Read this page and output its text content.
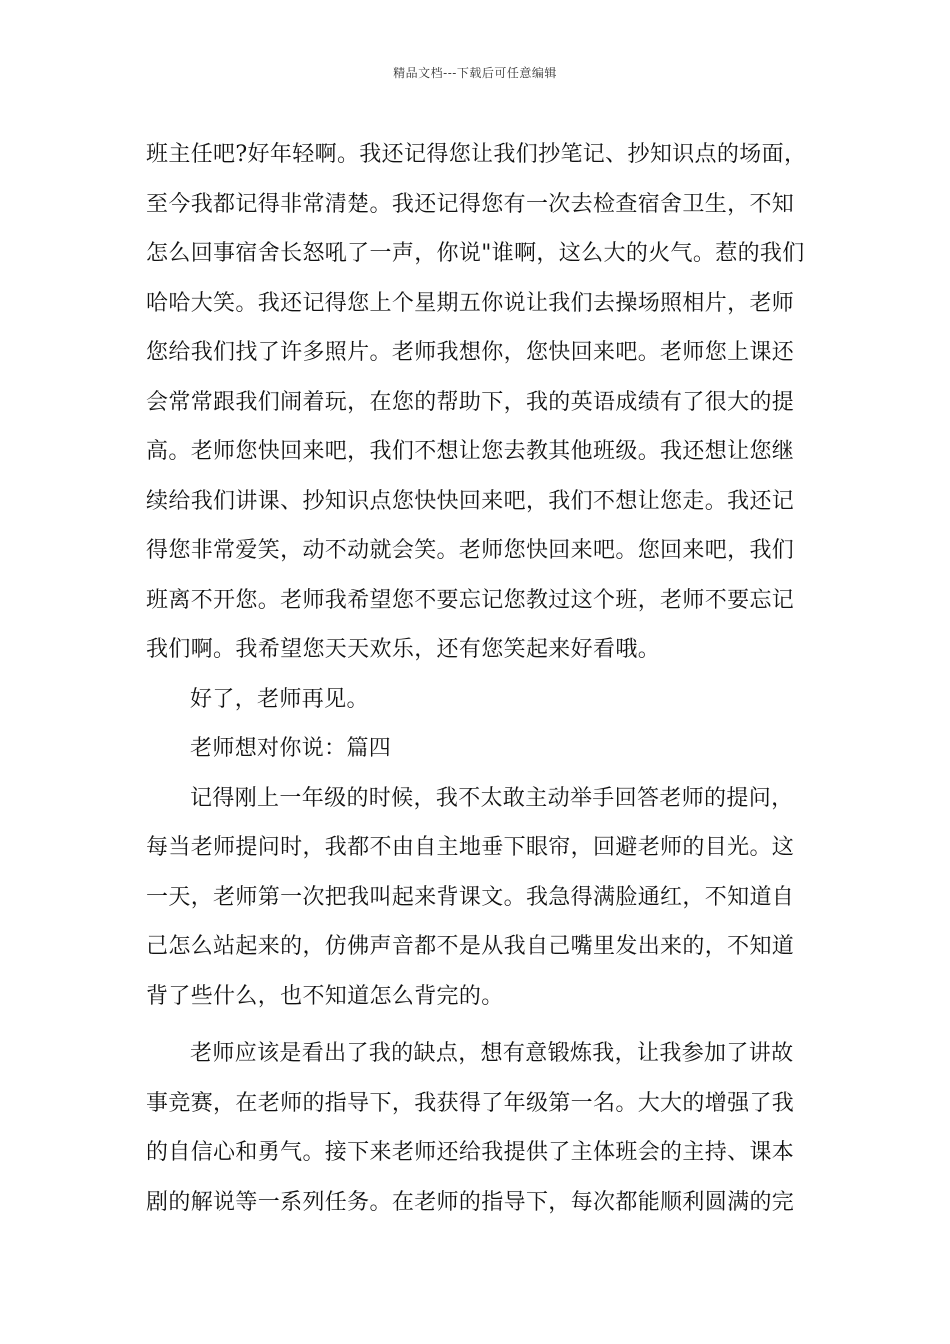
精品文档---下载后可任意编辑
班主任吧?好年轻啊。我还记得您让我们抄笔记、抄知识点的场面，
至今我都记得非常清楚。我还记得您有一次去检查宿舍卫生，不知
怎么回事宿舍长怒吼了一声，你说"谁啊，这么大的火气。惹的我们
哈哈大笑。我还记得您上个星期五你说让我们去操场照相片，老师
您给我们找了许多照片。老师我想你，您快回来吧。老师您上课还
会常常跟我们闹着玩，在您的帮助下，我的英语成绩有了很大的提
高。老师您快回来吧，我们不想让您去教其他班级。我还想让您继
续给我们讲课、抄知识点您快快回来吧，我们不想让您走。我还记
得您非常爱笑，动不动就会笑。老师您快回来吧。您回来吧，我们
班离不开您。老师我希望您不要忘记您教过这个班，老师不要忘记
我们啊。我希望您天天欢乐，还有您笑起来好看哦。
好了，老师再见。
老师想对你说：篇四
记得刚上一年级的时候，我不太敢主动举手回答老师的提问，
每当老师提问时，我都不由自主地垂下眼帘，回避老师的目光。这
一天，老师第一次把我叫起来背课文。我急得满脸通红，不知道自
己怎么站起来的，仿佛声音都不是从我自己嘴里发出来的，不知道
背了些什么，也不知道怎么背完的。
老师应该是看出了我的缺点，想有意锻炼我，让我参加了讲故
事竞赛，在老师的指导下，我获得了年级第一名。大大的增强了我
的自信心和勇气。接下来老师还给我提供了主体班会的主持、课本
剧的解说等一系列任务。在老师的指导下，每次都能顺利圆满的完
